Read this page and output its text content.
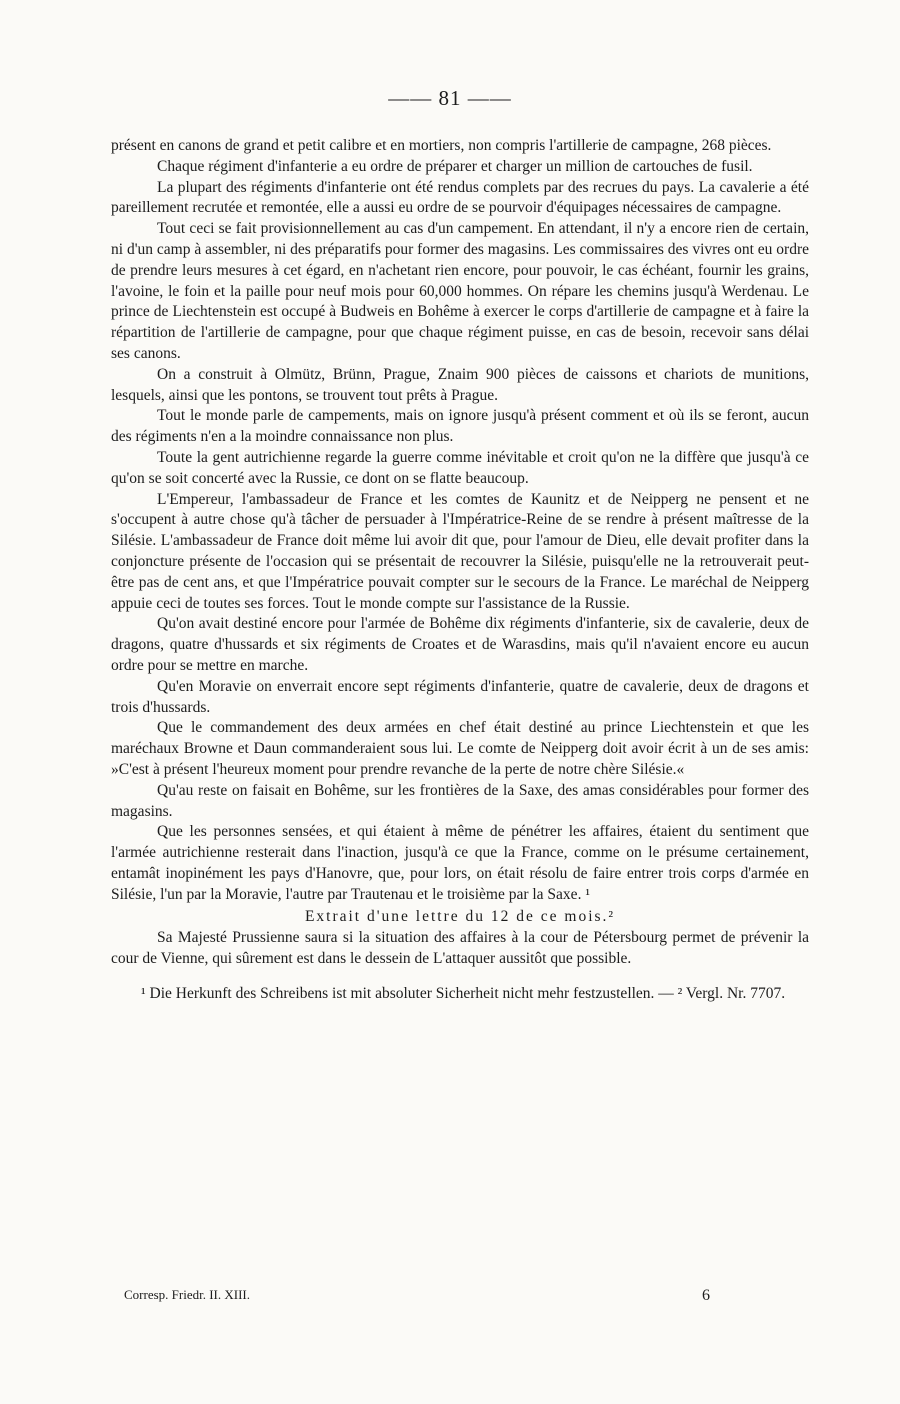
—— 81 ——

présent en canons de grand et petit calibre et en mortiers, non compris l'artillerie de campagne, 268 pièces.

Chaque régiment d'infanterie a eu ordre de préparer et charger un million de cartouches de fusil.

La plupart des régiments d'infanterie ont été rendus complets par des recrues du pays. La cavalerie a été pareillement recrutée et remontée, elle a aussi eu ordre de se pourvoir d'équipages nécessaires de campagne.

Tout ceci se fait provisionnellement au cas d'un campement. En attendant, il n'y a encore rien de certain, ni d'un camp à assembler, ni des préparatifs pour former des magasins. Les commissaires des vivres ont eu ordre de prendre leurs mesures à cet égard, en n'achetant rien encore, pour pouvoir, le cas échéant, fournir les grains, l'avoine, le foin et la paille pour neuf mois pour 60,000 hommes. On répare les chemins jusqu'à Werdenau. Le prince de Liechtenstein est occupé à Budweis en Bohême à exercer le corps d'artillerie de campagne et à faire la répartition de l'artillerie de campagne, pour que chaque régiment puisse, en cas de besoin, recevoir sans délai ses canons.

On a construit à Olmütz, Brünn, Prague, Znaim 900 pièces de caissons et chariots de munitions, lesquels, ainsi que les pontons, se trouvent tout prêts à Prague.

Tout le monde parle de campements, mais on ignore jusqu'à présent comment et où ils se feront, aucun des régiments n'en a la moindre connaissance non plus.

Toute la gent autrichienne regarde la guerre comme inévitable et croit qu'on ne la diffère que jusqu'à ce qu'on se soit concerté avec la Russie, ce dont on se flatte beaucoup.

L'Empereur, l'ambassadeur de France et les comtes de Kaunitz et de Neipperg ne pensent et ne s'occupent à autre chose qu'à tâcher de persuader à l'Impératrice-Reine de se rendre à présent maîtresse de la Silésie. L'ambassadeur de France doit même lui avoir dit que, pour l'amour de Dieu, elle devait profiter dans la conjoncture présente de l'occasion qui se présentait de recouvrer la Silésie, puisqu'elle ne la retrouverait peut-être pas de cent ans, et que l'Impératrice pouvait compter sur le secours de la France. Le maréchal de Neipperg appuie ceci de toutes ses forces. Tout le monde compte sur l'assistance de la Russie.

Qu'on avait destiné encore pour l'armée de Bohême dix régiments d'infanterie, six de cavalerie, deux de dragons, quatre d'hussards et six régiments de Croates et de Warasdins, mais qu'il n'avaient encore eu aucun ordre pour se mettre en marche.

Qu'en Moravie on enverrait encore sept régiments d'infanterie, quatre de cavalerie, deux de dragons et trois d'hussards.

Que le commandement des deux armées en chef était destiné au prince Liechtenstein et que les maréchaux Browne et Daun commanderaient sous lui. Le comte de Neipperg doit avoir écrit à un de ses amis: »C'est à présent l'heureux moment pour prendre revanche de la perte de notre chère Silésie.«

Qu'au reste on faisait en Bohême, sur les frontières de la Saxe, des amas considérables pour former des magasins.

Que les personnes sensées, et qui étaient à même de pénétrer les affaires, étaient du sentiment que l'armée autrichienne resterait dans l'inaction, jusqu'à ce que la France, comme on le présume certainement, entamât inopinément les pays d'Hanovre, que, pour lors, on était résolu de faire entrer trois corps d'armée en Silésie, l'un par la Moravie, l'autre par Trautenau et le troisième par la Saxe. ¹

Extrait d'une lettre du 12 de ce mois.²

Sa Majesté Prussienne saura si la situation des affaires à la cour de Pétersbourg permet de prévenir la cour de Vienne, qui sûrement est dans le dessein de L'attaquer aussitôt que possible.

¹ Die Herkunft des Schreibens ist mit absoluter Sicherheit nicht mehr festzustellen. — ² Vergl. Nr. 7707.

Corresp. Friedr. II. XIII.	6
